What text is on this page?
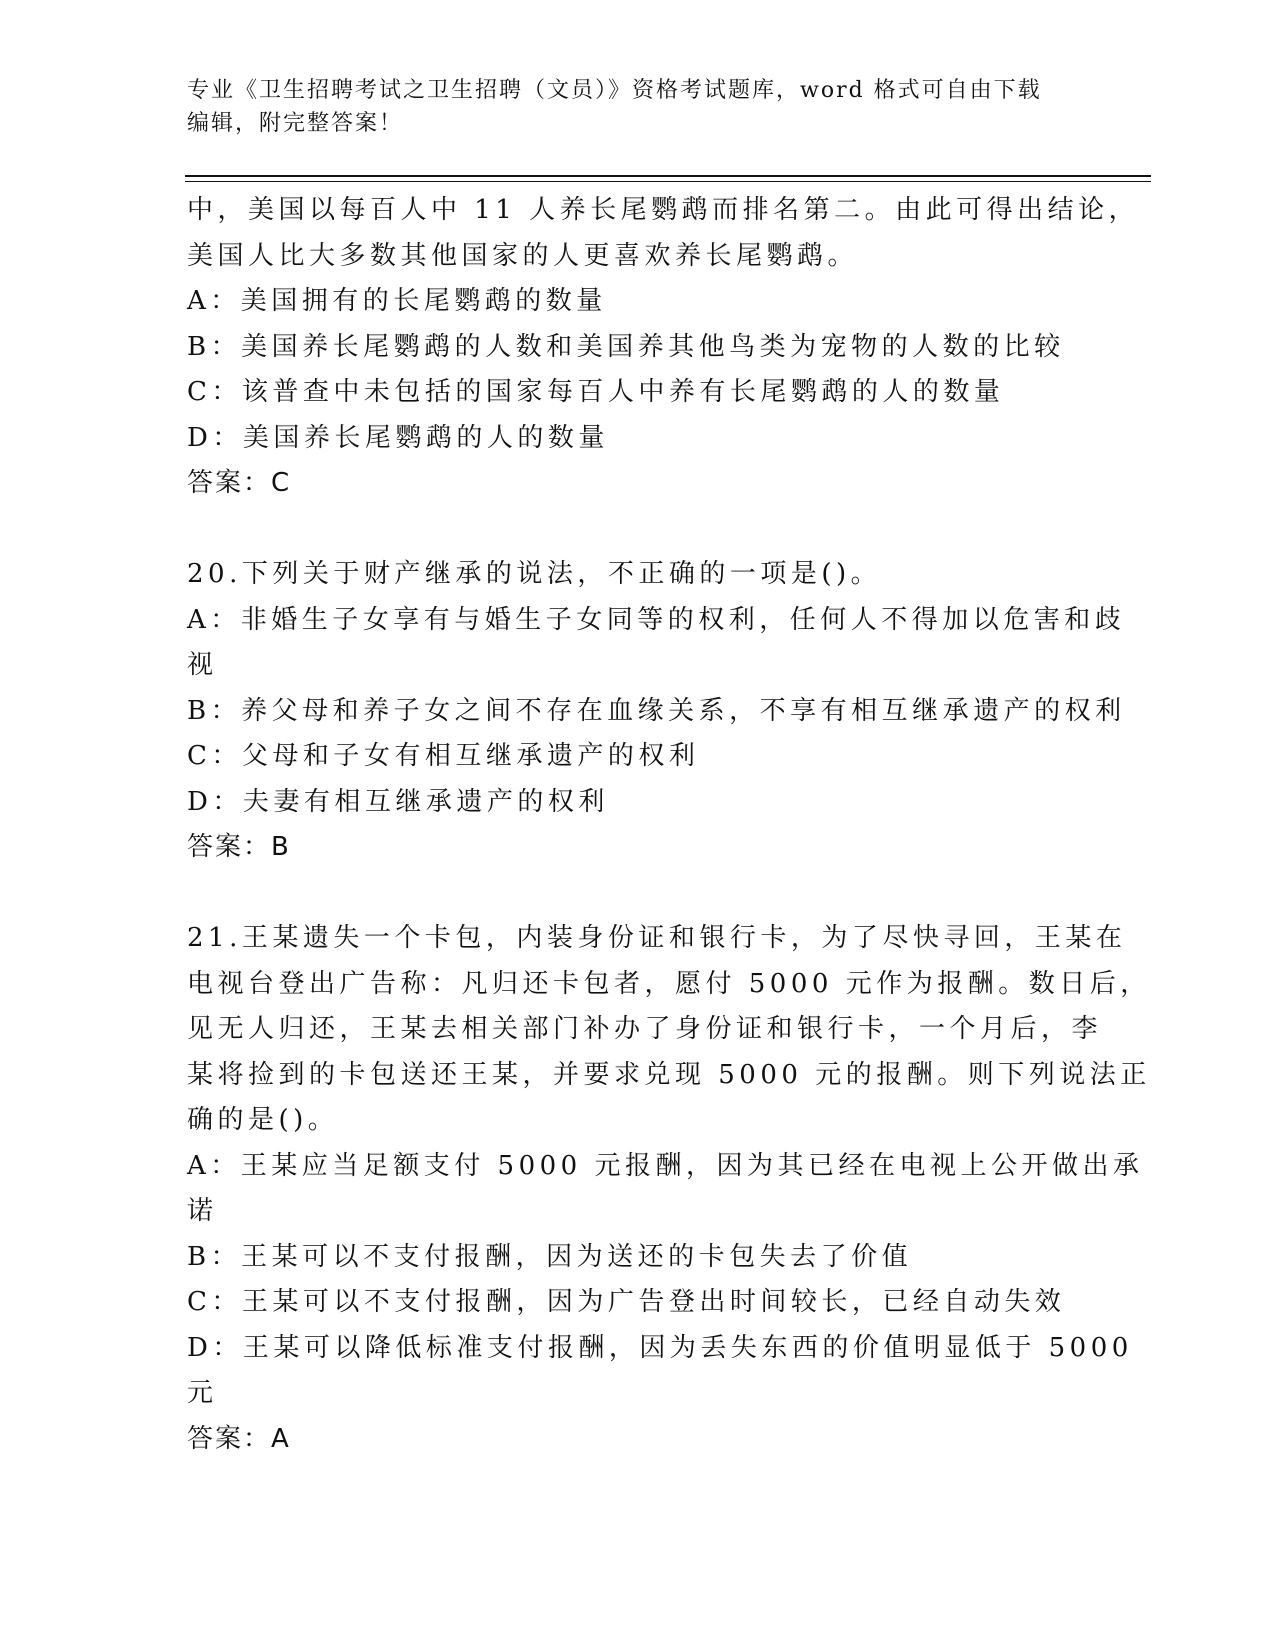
专业《卫生招聘考试之卫生招聘（文员）》资格考试题库，word 格式可自由下载
编辑，附完整答案！
中，美国以每百人中 11 人养长尾鹦鹉而排名第二。由此可得出结论，
美国人比大多数其他国家的人更喜欢养长尾鹦鹉。
A：美国拥有的长尾鹦鹉的数量
B：美国养长尾鹦鹉的人数和美国养其他鸟类为宠物的人数的比较
C：该普查中未包括的国家每百人中养有长尾鹦鹉的人的数量
D：美国养长尾鹦鹉的人的数量
答案：C
20.下列关于财产继承的说法，不正确的一项是()。
A：非婚生子女享有与婚生子女同等的权利，任何人不得加以危害和歧
视
B：养父母和养子女之间不存在血缘关系，不享有相互继承遗产的权利
C：父母和子女有相互继承遗产的权利
D：夫妻有相互继承遗产的权利
答案：B
21.王某遗失一个卡包，内装身份证和银行卡，为了尽快寻回，王某在
电视台登出广告称：凡归还卡包者，愿付 5000 元作为报酬。数日后，
见无人归还，王某去相关部门补办了身份证和银行卡，一个月后，李
某将捡到的卡包送还王某，并要求兑现 5000 元的报酬。则下列说法正
确的是()。
A：王某应当足额支付 5000 元报酬，因为其已经在电视上公开做出承
诺
B：王某可以不支付报酬，因为送还的卡包失去了价值
C：王某可以不支付报酬，因为广告登出时间较长，已经自动失效
D：王某可以降低标准支付报酬，因为丢失东西的价值明显低于 5000
元
答案：A
